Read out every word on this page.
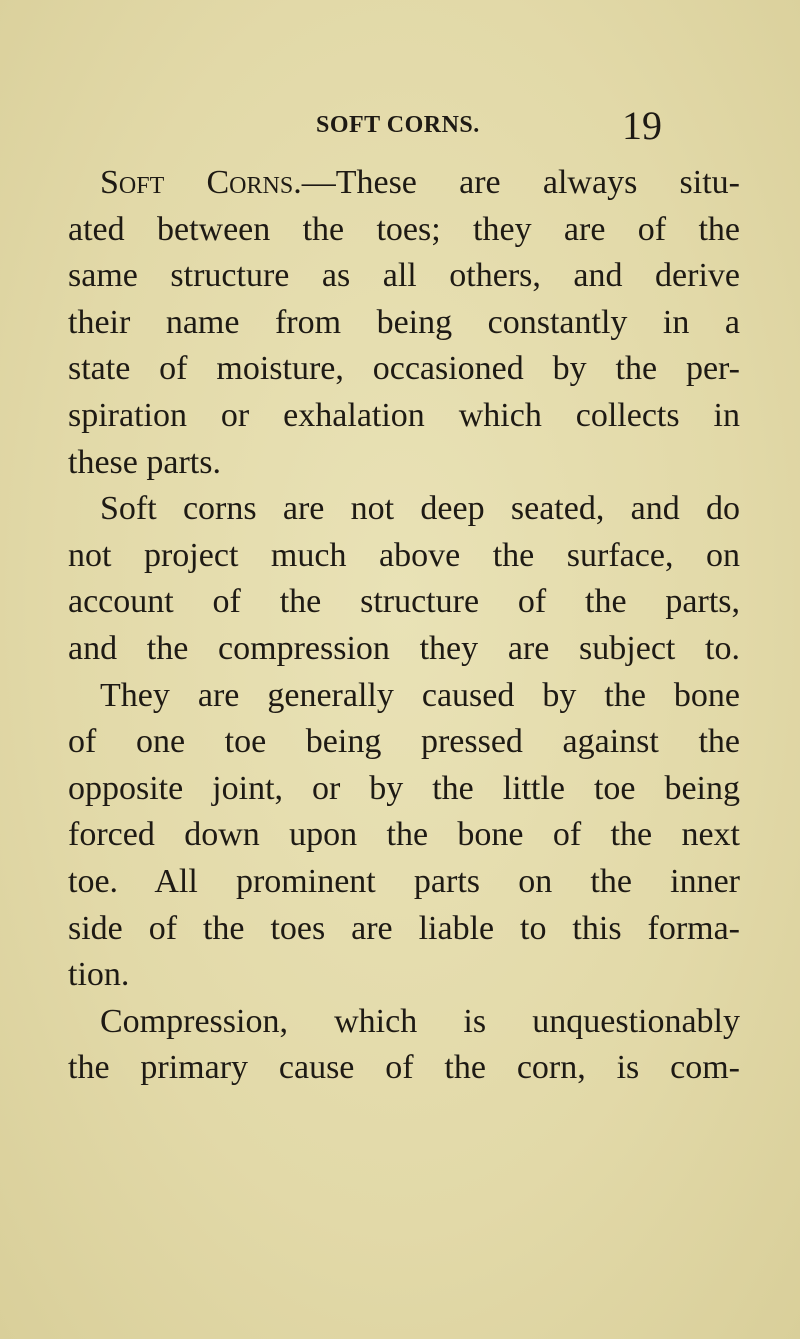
SOFT CORNS.	19
Soft Corns.—These are always situ-
ated between the toes; they are of the
same structure as all others, and derive
their name from being constantly in a
state of moisture, occasioned by the per-
spiration or exhalation which collects in
these parts.
Soft corns are not deep seated, and do
not project much above the surface, on
account of the structure of the parts,
and the compression they are subject to.
They are generally caused by the bone
of one toe being pressed against the
opposite joint, or by the little toe being
forced down upon the bone of the next
toe. All prominent parts on the inner
side of the toes are liable to this forma-
tion.
Compression, which is unquestionably
the primary cause of the corn, is com-
